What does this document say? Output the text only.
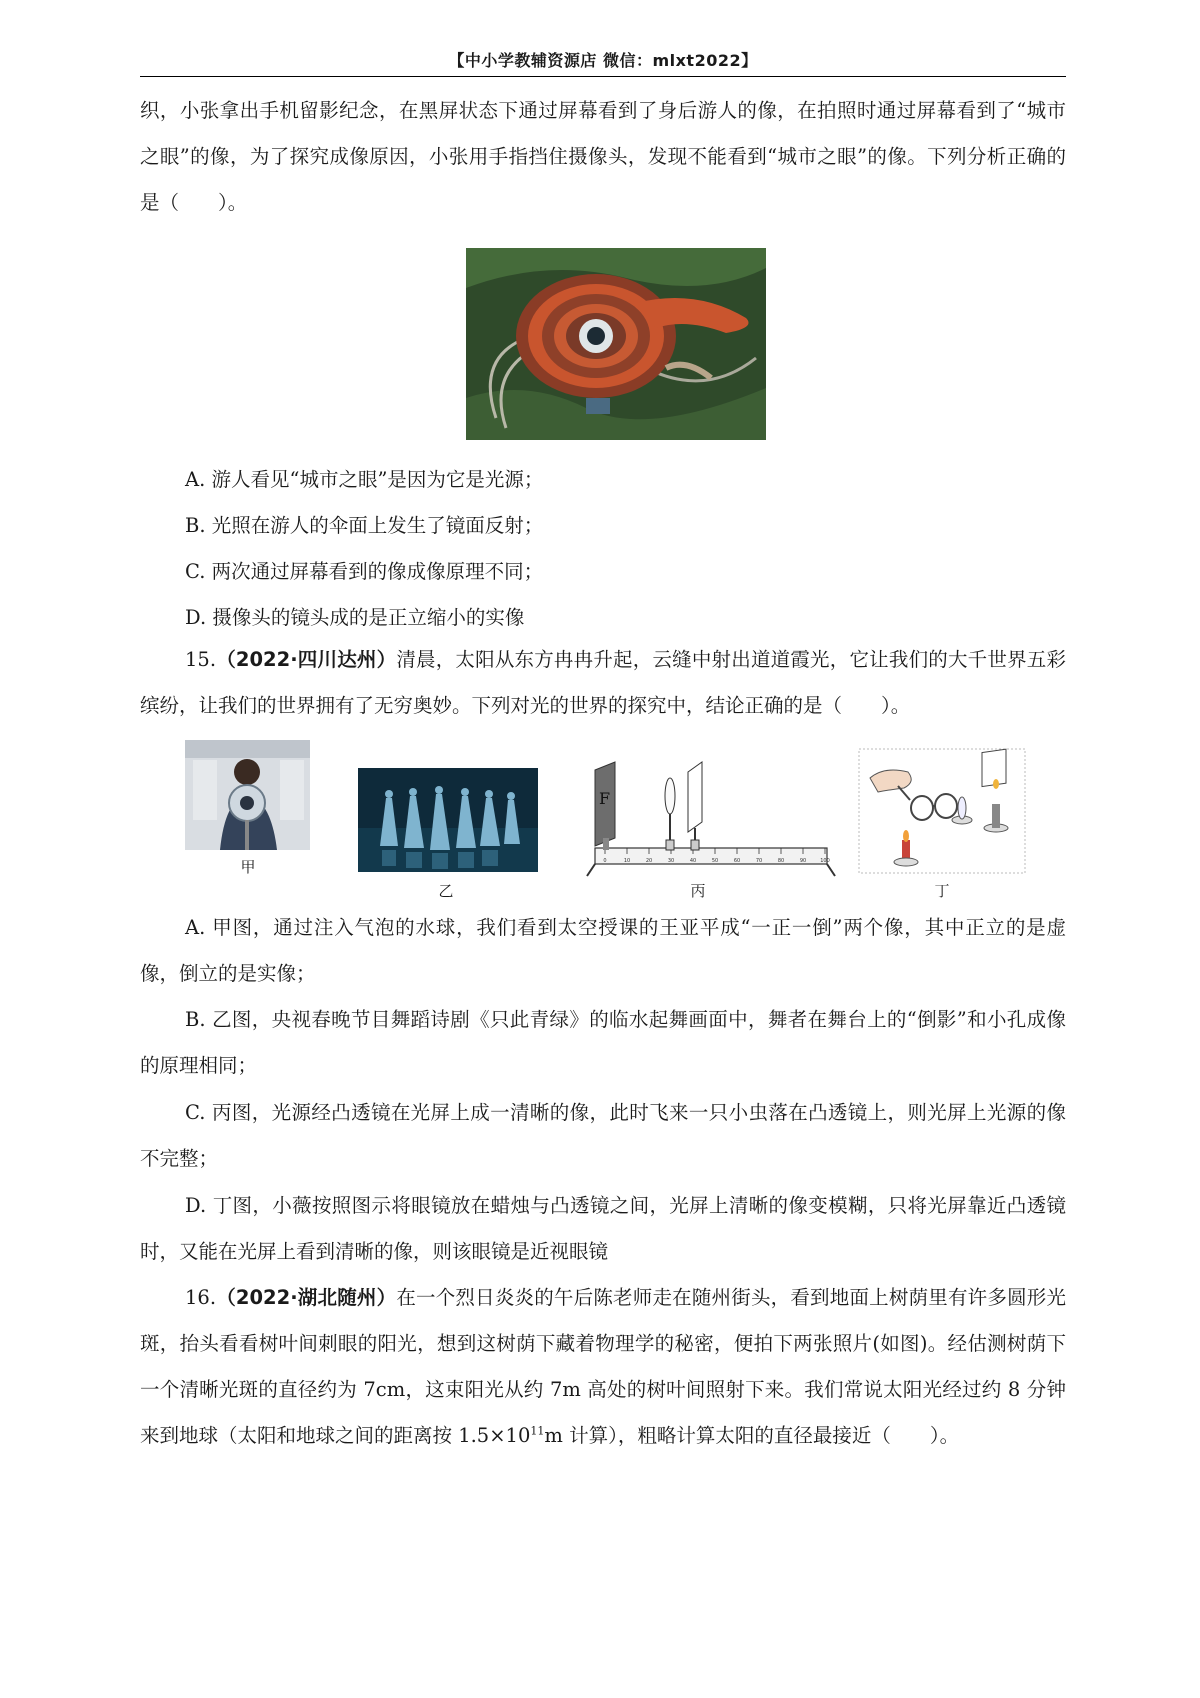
【中小学教辅资源店 微信：mlxt2022】
织，小张拿出手机留影纪念，在黑屏状态下通过屏幕看到了身后游人的像，在拍照时通过屏幕看到了“城市之眼”的像，为了探究成像原因，小张用手指挡住摄像头，发现不能看到“城市之眼”的像。下列分析正确的是（　　）。
A. 游人看见“城市之眼”是因为它是光源；
B. 光照在游人的伞面上发生了镜面反射；
C. 两次通过屏幕看到的像成像原理不同；
D. 摄像头的镜头成的是正立缩小的实像
15.（2022·四川达州）清晨，太阳从东方冉冉升起，云缝中射出道道霞光，它让我们的大千世界五彩缤纷，让我们的世界拥有了无穷奥妙。下列对光的世界的探究中，结论正确的是（　　）。
甲
乙
0	10	20	30	40	50	60	70	80	90	100
F
丙	丁
A. 甲图，通过注入气泡的水球，我们看到太空授课的王亚平成“一正一倒”两个像，其中正立的是虚像，倒立的是实像；
B. 乙图，央视春晚节目舞蹈诗剧《只此青绿》的临水起舞画面中，舞者在舞台上的“倒影”和小孔成像的原理相同；
C. 丙图，光源经凸透镜在光屏上成一清晰的像，此时飞来一只小虫落在凸透镜上，则光屏上光源的像不完整；
D. 丁图，小薇按照图示将眼镜放在蜡烛与凸透镜之间，光屏上清晰的像变模糊，只将光屏靠近凸透镜时，又能在光屏上看到清晰的像，则该眼镜是近视眼镜
16.（2022·湖北随州）在一个烈日炎炎的午后陈老师走在随州街头，看到地面上树荫里有许多圆形光斑，抬头看看树叶间刺眼的阳光，想到这树荫下藏着物理学的秘密，便拍下两张照片(如图)。经估测树荫下一个清晰光斑的直径约为 7cm，这束阳光从约 7m 高处的树叶间照射下来。我们常说太阳光经过约 8 分钟来到地球（太阳和地球之间的距离按 $1.5\times 10^{11}m$ 计算），粗略计算太阳的直径最接近（　　）。
